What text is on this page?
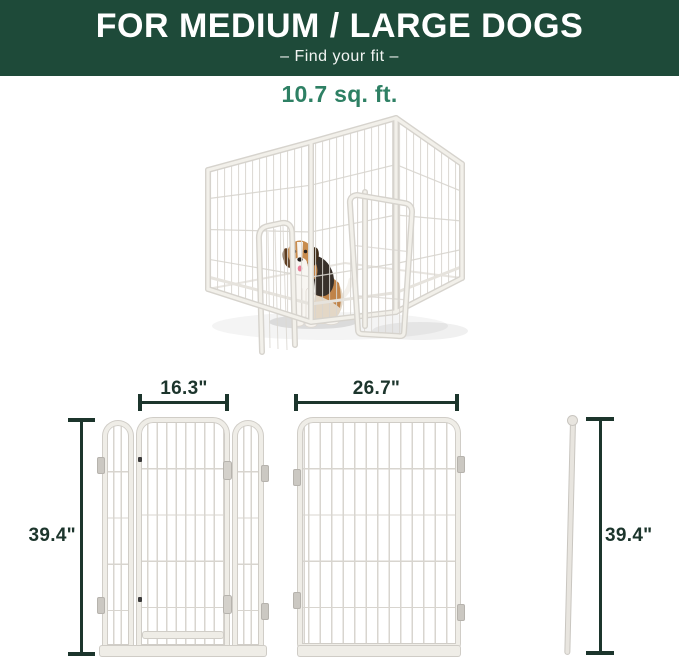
FOR MEDIUM / LARGE DOGS
– Find your fit –
10.7 sq. ft.
39.4"
16.3"	26.7"
39.4"
